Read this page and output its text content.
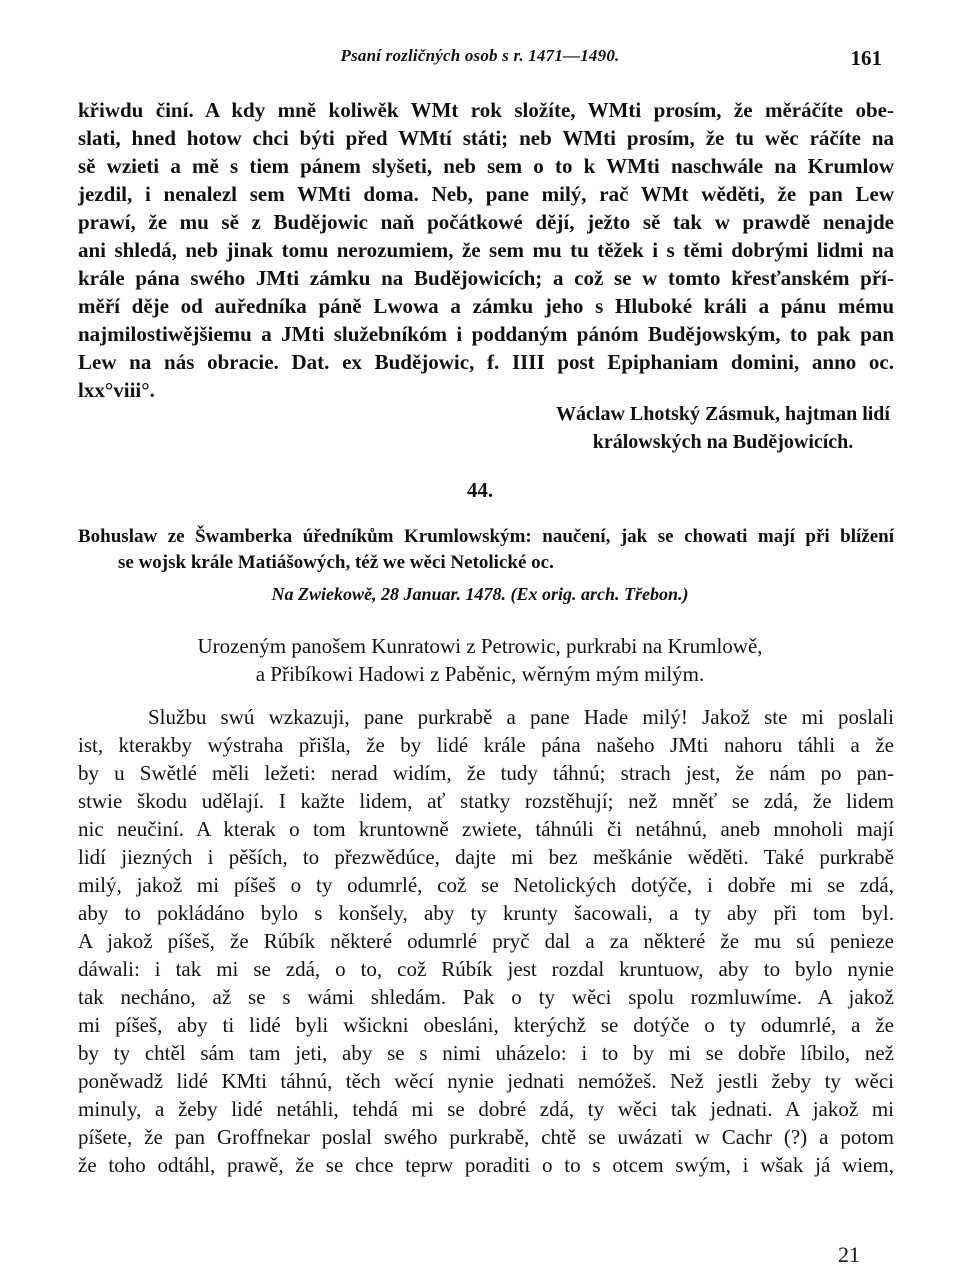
Psaní rozličných osob s r. 1471—1490.	161
křiwdu činí. A kdy mně koliwěk WMt rok složíte, WMti prosím, že měráčíte obe-
slati, hned hotow chci býti před WMtí státi; neb WMti prosím, že tu wěc ráčíte na
sě wzieti a mě s tiem pánem slyšeti, neb sem o to k WMti naschwále na Krumlow
jezdil, i nenalezl sem WMti doma. Neb, pane milý, rač WMt wěděti, že pan Lew
prawí, že mu sě z Budějowic naň počátkowé dějí, ježto sě tak w prawdě nenajde
ani shledá, neb jinak tomu nerozumiem, že sem mu tu těžek i s těmi dobrými lidmi na
krále pána swého JMti zámku na Budějowicích; a což se w tomto křesťanském pří-
měří děje od auředníka páně Lwowa a zámku jeho s Hluboké králi a pánu mému
najmilostiwějšiemu a JMti služebníkóm i poddaným pánóm Budějowským, to pak pan
Lew na nás obracie. Dat. ex Budějowic, f. IIII post Epiphaniam domini, anno oc.
lxx°viii°.
Wáclaw Lhotský Zásmuk, hajtman lidí
králowských na Budějowicích.
44.
Bohuslaw ze Šwamberka úředníkům Krumlowským: naučení, jak se chowati mají při blížení
se wojsk krále Matiášowých, též we wěci Netolické oc.
Na Zwiekowě, 28 Januar. 1478. (Ex orig. arch. Třebon.)
Urozeným panošem Kunratowi z Petrowic, purkrabi na Krumlowě,
a Přibíkowi Hadowi z Paběnic, wěrným mým milým.
Službu swú wzkazuji, pane purkrabě a pane Hade milý! Jakož ste mi poslali
ist, kterakby wýstraha přišla, že by lidé krále pána našeho JMti nahoru táhli a že
by u Swětlé měli ležeti: nerad widím, že tudy táhnú; strach jest, že nám po pan-
stwie škodu udělají. I kažte lidem, ať statky rozstěhují; než mněť se zdá, že lidem
nic neučiní. A kterak o tom kruntowně zwiete, táhnúli či netáhnú, aneb mnoholi mají
lidí jiezných i pěších, to přezwědúce, dajte mi bez meškánie wěděti. Také purkrabě
milý, jakož mi píšeš o ty odumrlé, což se Netolických dotýče, i dobře mi se zdá,
aby to pokládáno bylo s konšely, aby ty krunty šacowali, a ty aby při tom byl.
A jakož píšeš, že Rúbík některé odumrlé pryč dal a za některé že mu sú penieze
dáwali: i tak mi se zdá, o to, což Rúbík jest rozdal kruntuow, aby to bylo nynie
tak necháno, až se s wámi shledám. Pak o ty wěci spolu rozmluwíme. A jakož
mi píšeš, aby ti lidé byli wšickni obesláni, kterýchž se dotýče o ty odumrlé, a že
by ty chtěl sám tam jeti, aby se s nimi uházelo: i to by mi se dobře líbilo, než
poněwadž lidé KMti táhnú, těch wěcí nynie jednati nemóžeš. Než jestli žeby ty wěci
minuly, a žeby lidé netáhli, tehdá mi se dobré zdá, ty wěci tak jednati. A jakož mi
píšete, že pan Groffnekar poslal swého purkrabě, chtě se uwázati w Cachr (?) a potom
že toho odtáhl, prawě, že se chce teprw poraditi o to s otcem swým, i wšak já wiem,
21
